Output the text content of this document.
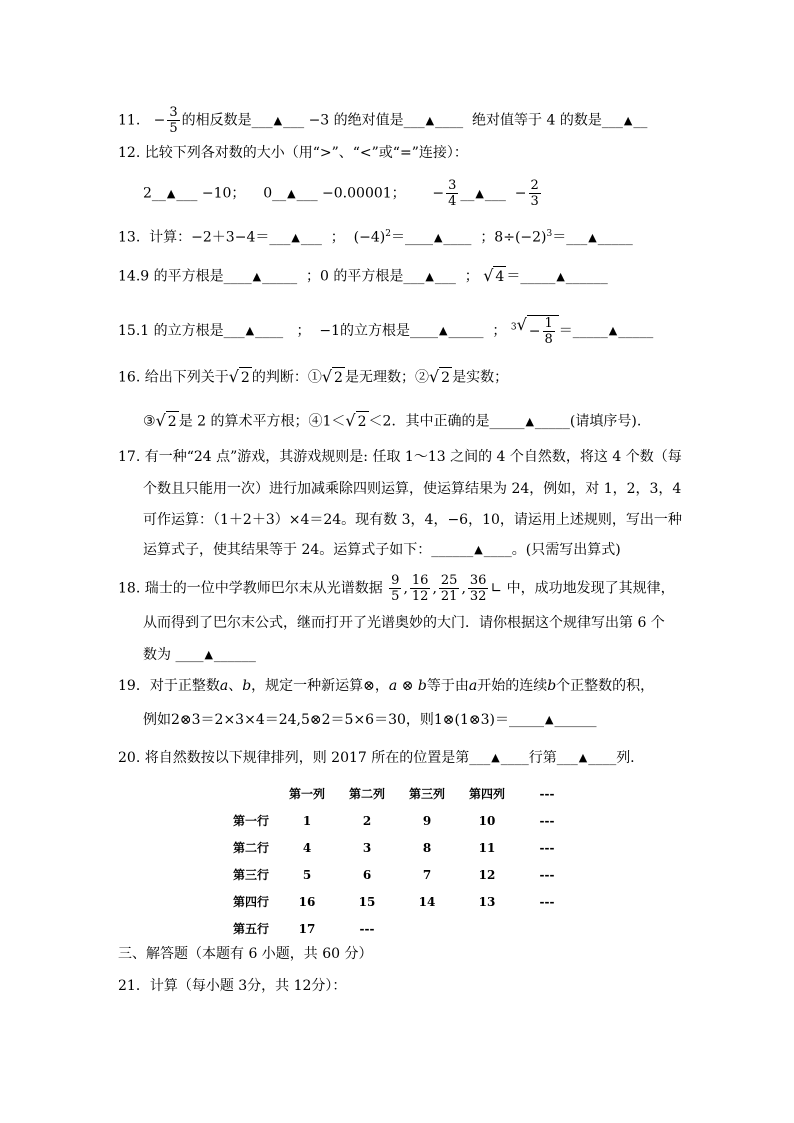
11. − $\frac{3}{5}$ 的相反数是___▲___ −3 的绝对值是___▲____ 绝对值等于 4 的数是___▲__
12. 比较下列各对数的大小（用“>”、“<”或“=”连接）：
2__▲___ −10； 0__▲___ −0.00001； − $\frac{3}{4}$ __▲___ − $\frac{2}{3}$
13. 计算：−2＋3−4＝___▲___ ； $(-4)^2=\_\_\_\_▲\_\_\_\_$ ；$8\div(-2)^3=\_\_\_▲\_\_\_\_\_$
14.9 的平方根是____▲_____ ；0 的平方根是___▲___ ； √ 4 ＝_____▲______
15.1 的立方根是___▲____ ； −1的立方根是____▲_____ ； $^3$ √ − $\frac{1}{8}$ ＝_____▲_____
16. 给出下列关于 √ 2 的判断：① √ 2 是无理数；② √ 2 是实数；
③ √ 2 是 2 的算术平方根；④1＜ √ 2 ＜2．其中正确的是_____▲_____(请填序号).
17. 有一种“24 点”游戏，其游戏规则是: 任取 1～13 之间的 4 个自然数，将这 4 个数（每
个数且只能用一次）进行加减乘除四则运算，使运算结果为 24，例如，对 1，2，3，4
可作运算：（1＋2＋3）×4＝24。现有数 3，4，−6，10，请运用上述规则，写出一种
运算式子，使其结果等于 24。运算式子如下：______▲____。(只需写出算式)
18. 瑞士的一位中学教师巴尔末从光谱数据 $\frac{9}{5}$ , $\frac{16}{12}$ , $\frac{25}{21}$ , $\frac{36}{32}$ ∟ 中，成功地发现了其规律，
从而得到了巴尔末公式，继而打开了光谱奥妙的大门．请你根据这个规律写出第 6 个
数为 ____▲______
19．对于正整数a、b，规定一种新运算⊗，a ⊗ b等于由a开始的连续b个正整数的积，
例如2⊗3＝2×3×4＝24,5⊗2＝5×6＝30，则1⊗(1⊗3)＝_____▲______
20. 将自然数按以下规律排列，则 2017 所在的位置是第___▲____行第___▲____列.
	第一列	第二列	第三列	第四列	---
第一行	1	2	9	10	---
第二行	4	3	8	11	---
第三行	5	6	7	12	---
第四行	16	15	14	13	---
第五行	17	---			
三、解答题（本题有 6 小题，共 60 分）
21．计算（每小题 3分，共 12分）：
